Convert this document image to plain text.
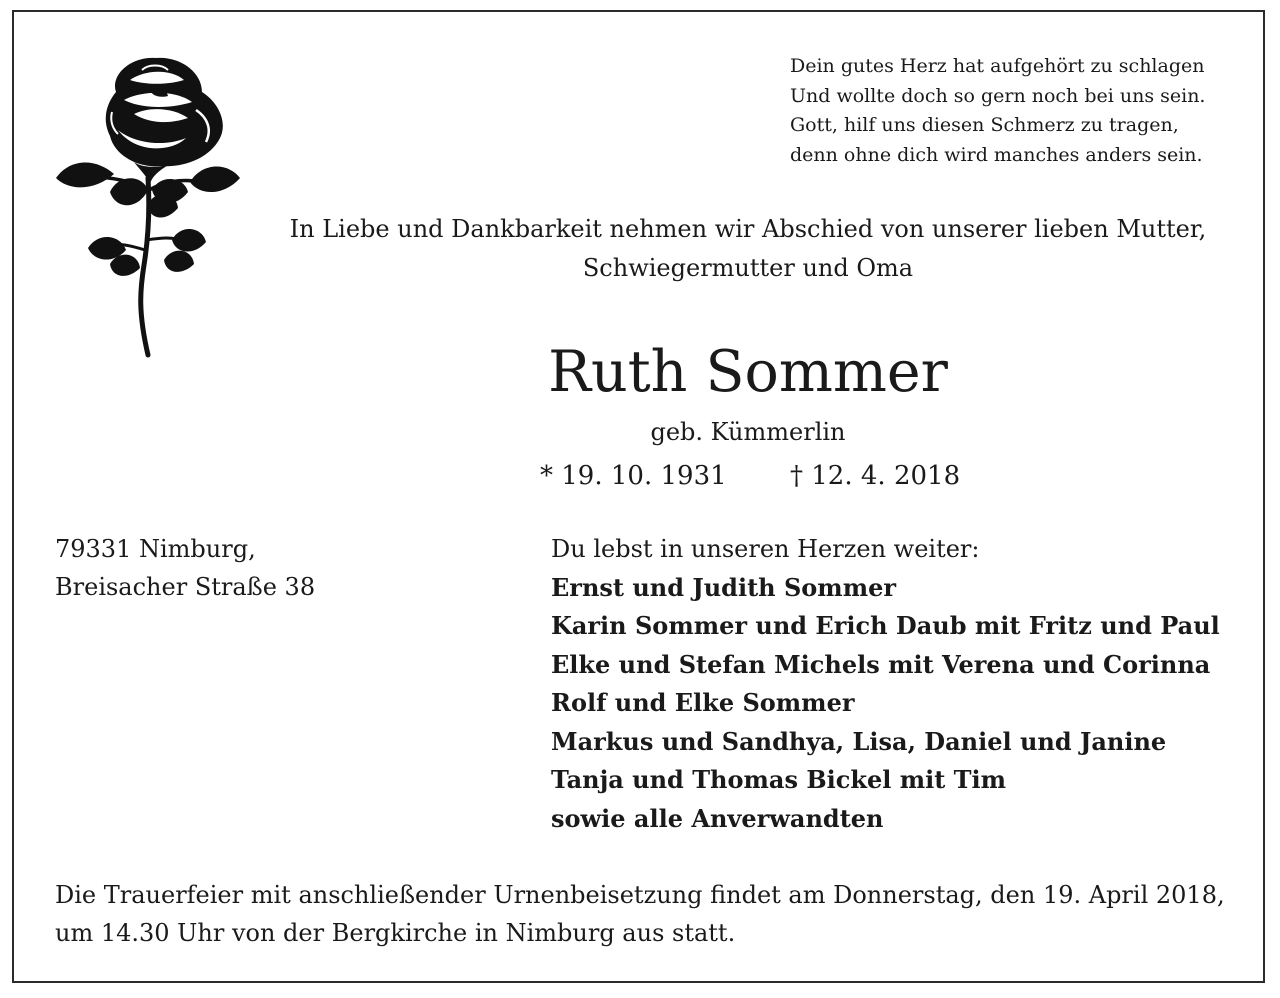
Dein gutes Herz hat aufgehört zu schlagen
Und wollte doch so gern noch bei uns sein.
Gott, hilf uns diesen Schmerz zu tragen,
denn ohne dich wird manches anders sein.
In Liebe und Dankbarkeit nehmen wir Abschied von unserer lieben Mutter,
Schwiegermutter und Oma
Ruth Sommer
geb. Kümmerlin
* 19. 10. 1931 † 12. 4. 2018
79331 Nimburg,
Breisacher Straße 38
Du lebst in unseren Herzen weiter:
Ernst und Judith Sommer
Karin Sommer und Erich Daub mit Fritz und Paul
Elke und Stefan Michels mit Verena und Corinna
Rolf und Elke Sommer
Markus und Sandhya, Lisa, Daniel und Janine
Tanja und Thomas Bickel mit Tim
sowie alle Anverwandten
Die Trauerfeier mit anschließender Urnenbeisetzung findet am Donnerstag, den 19. April 2018,
um 14.30 Uhr von der Bergkirche in Nimburg aus statt.
